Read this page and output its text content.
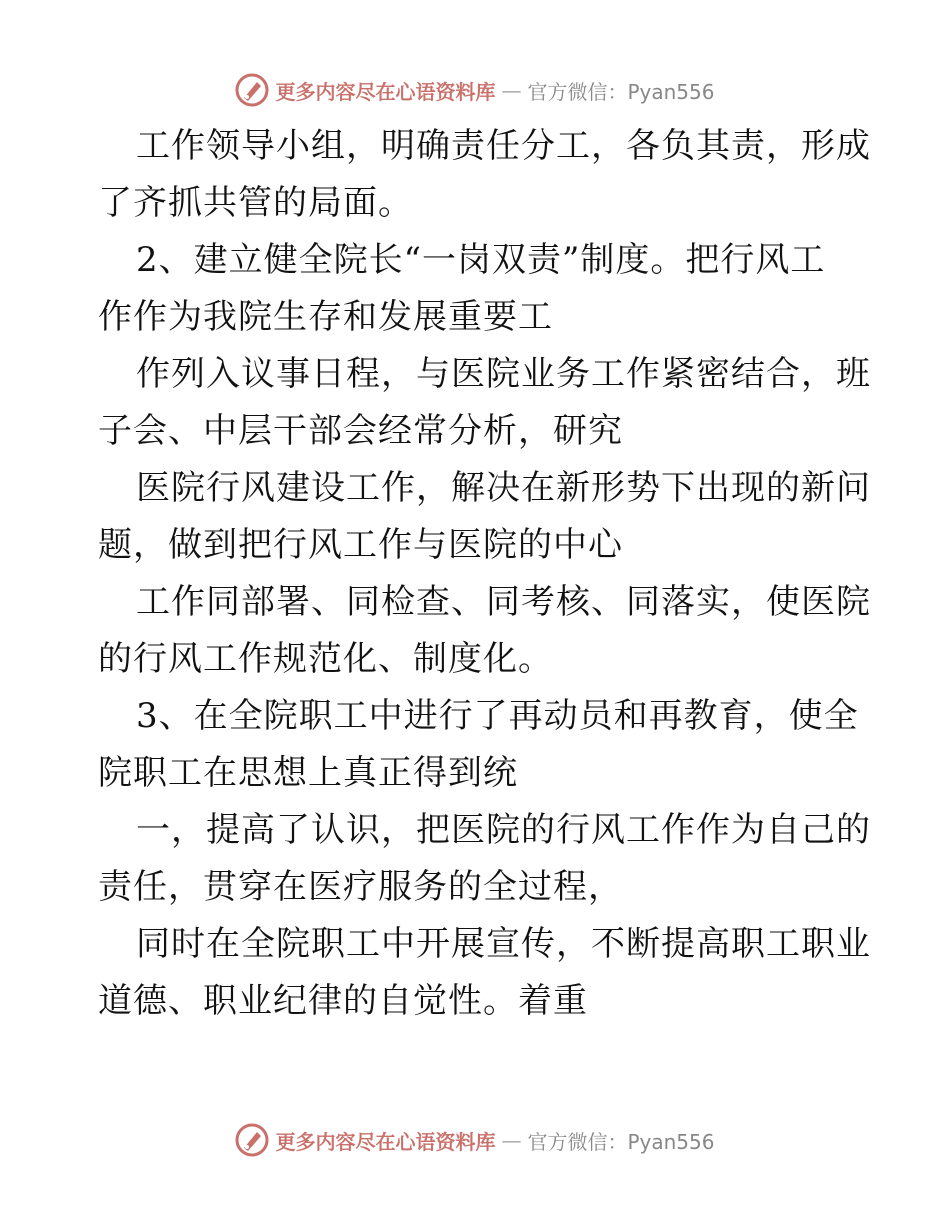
更多内容尽在心语资料库 — 官方微信：Pyan556

工作领导小组，明确责任分工，各负其责，形成
了齐抓共管的局面。

2、建立健全院长“一岗双责”制度。把行风工
作作为我院生存和发展重要工

作列入议事日程，与医院业务工作紧密结合，班
子会、中层干部会经常分析，研究

医院行风建设工作，解决在新形势下出现的新问
题，做到把行风工作与医院的中心

工作同部署、同检查、同考核、同落实，使医院
的行风工作规范化、制度化。

3、在全院职工中进行了再动员和再教育，使全
院职工在思想上真正得到统

一，提高了认识，把医院的行风工作作为自己的
责任，贯穿在医疗服务的全过程，

同时在全院职工中开展宣传，不断提高职工职业
道德、职业纪律的自觉性。着重

更多内容尽在心语资料库 — 官方微信：Pyan556
